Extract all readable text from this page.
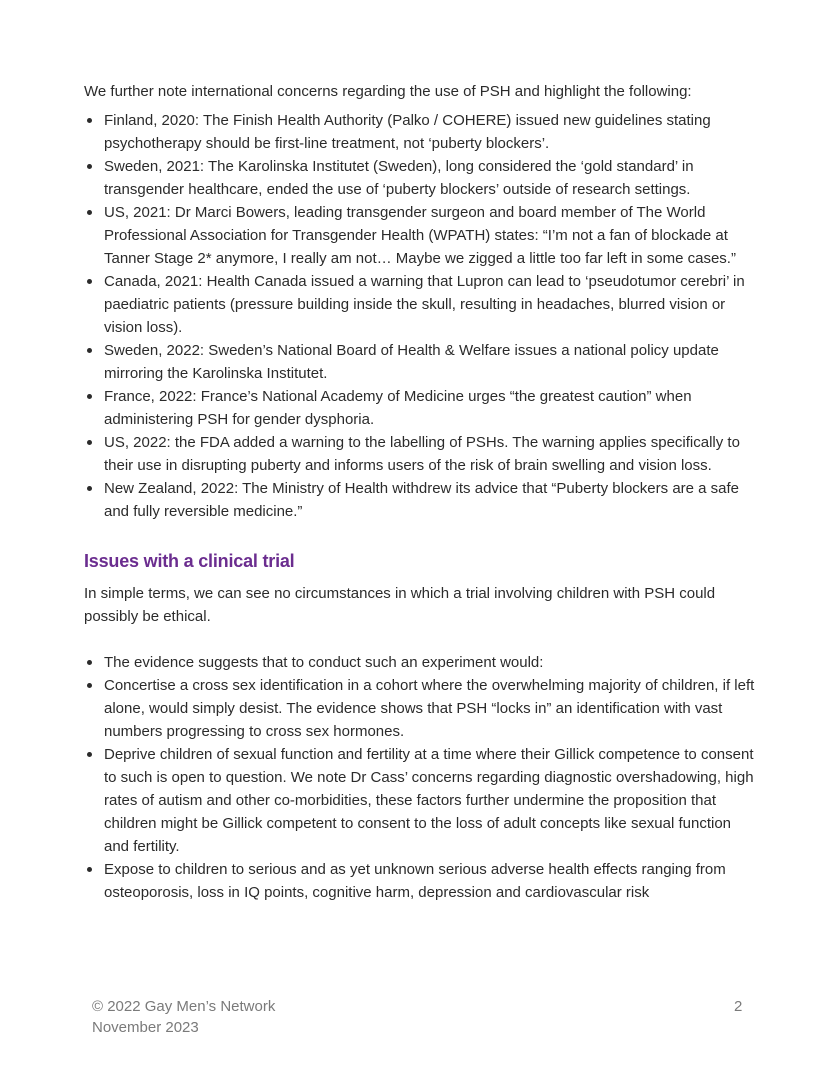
We further note international concerns regarding the use of PSH and highlight the following:

Finland, 2020: The Finish Health Authority (Palko / COHERE) issued new guidelines stating psychotherapy should be first-line treatment, not ‘puberty blockers’.
Sweden, 2021: The Karolinska Institutet (Sweden), long considered the ‘gold standard’ in transgender healthcare, ended the use of ‘puberty blockers’ outside of research settings.
US, 2021: Dr Marci Bowers, leading transgender surgeon and board member of The World Professional Association for Transgender Health (WPATH) states: “I’m not a fan of blockade at Tanner Stage 2* anymore, I really am not… Maybe we zigged a little too far left in some cases.”
Canada, 2021: Health Canada issued a warning that Lupron can lead to ‘pseudotumor cerebri’ in paediatric patients (pressure building inside the skull, resulting in headaches, blurred vision or vision loss).
Sweden, 2022: Sweden’s National Board of Health & Welfare issues a national policy update mirroring the Karolinska Institutet.
France, 2022: France’s National Academy of Medicine urges “the greatest caution” when administering PSH for gender dysphoria.
US, 2022: the FDA added a warning to the labelling of PSHs. The warning applies specifically to their use in disrupting puberty and informs users of the risk of brain swelling and vision loss.
New Zealand, 2022: The Ministry of Health withdrew its advice that “Puberty blockers are a safe and fully reversible medicine.”
Issues with a clinical trial

In simple terms, we can see no circumstances in which a trial involving children with PSH could possibly be ethical.

The evidence suggests that to conduct such an experiment would:
Concertise a cross sex identification in a cohort where the overwhelming majority of children, if left alone, would simply desist. The evidence shows that PSH “locks in” an identification with vast numbers progressing to cross sex hormones.
Deprive children of sexual function and fertility at a time where their Gillick competence to consent to such is open to question. We note Dr Cass’ concerns regarding diagnostic overshadowing, high rates of autism and other co-morbidities, these factors further undermine the proposition that children might be Gillick competent to consent to the loss of adult concepts like sexual function and fertility.
Expose to children to serious and as yet unknown serious adverse health effects ranging from osteoporosis, loss in IQ points, cognitive harm, depression and cardiovascular risk
© 2022 Gay Men’s Network
November 2023
2
